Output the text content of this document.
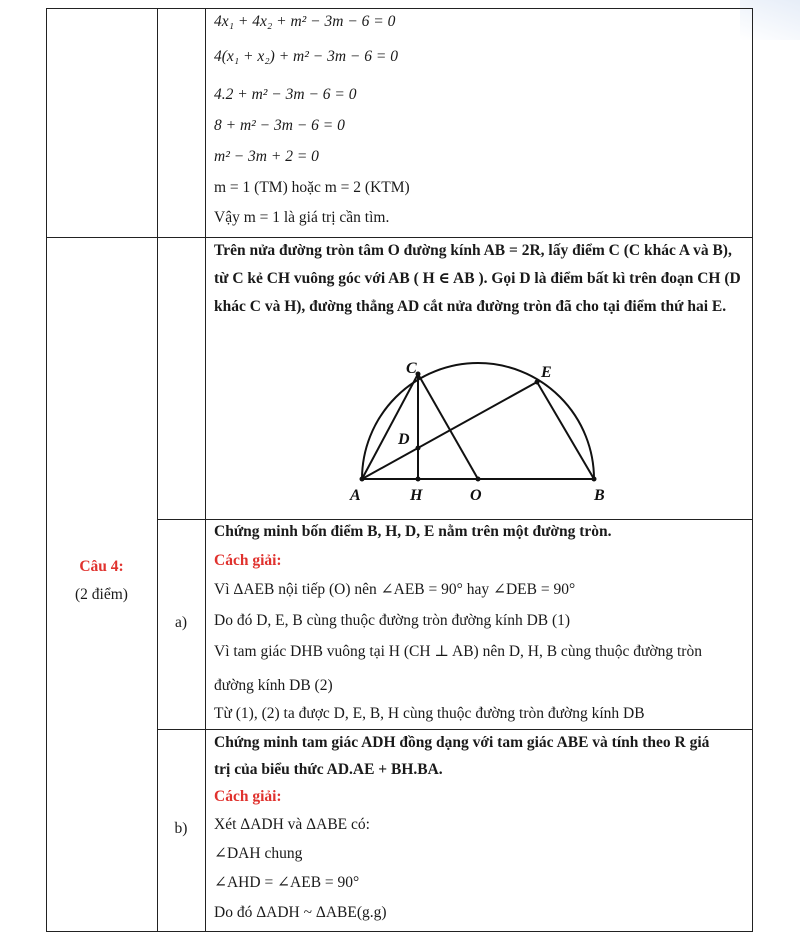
4x₁ + 4x₂ + m² − 3m − 6 = 0
4(x₁ + x₂) + m² − 3m − 6 = 0
4.2 + m² − 3m − 6 = 0
8 + m² − 3m − 6 = 0
m² − 3m + 2 = 0
m = 1 (TM) hoặc m = 2 (KTM)
Vậy m = 1 là giá trị cần tìm.
Câu 4:
(2 điểm)
Trên nửa đường tròn tâm O đường kính AB = 2R, lấy điểm C (C khác A và B), từ C kẻ CH vuông góc với AB ( H ∈ AB ). Gọi D là điểm bất kì trên đoạn CH (D khác C và H), đường thẳng AD cắt nửa đường tròn đã cho tại điểm thứ hai E.
C	E
D
A	H	O	B
a)
Chứng minh bốn điểm B, H, D, E nằm trên một đường tròn.
Cách giải:
Vì ΔAEB nội tiếp (O) nên ∠AEB = 90° hay ∠DEB = 90°
Do đó D, E, B cùng thuộc đường tròn đường kính DB (1)
Vì tam giác DHB vuông tại H (CH ⊥ AB) nên D, H, B cùng thuộc đường tròn
đường kính DB (2)
Từ (1), (2) ta được D, E, B, H cùng thuộc đường tròn đường kính DB
b)
Chứng minh tam giác ADH đồng dạng với tam giác ABE và tính theo R giá
trị của biểu thức AD.AE + BH.BA.
Cách giải:
Xét ΔADH và ΔABE có:
∠DAH chung
∠AHD = ∠AEB = 90°
Do đó ΔADH ~ ΔABE(g.g)
